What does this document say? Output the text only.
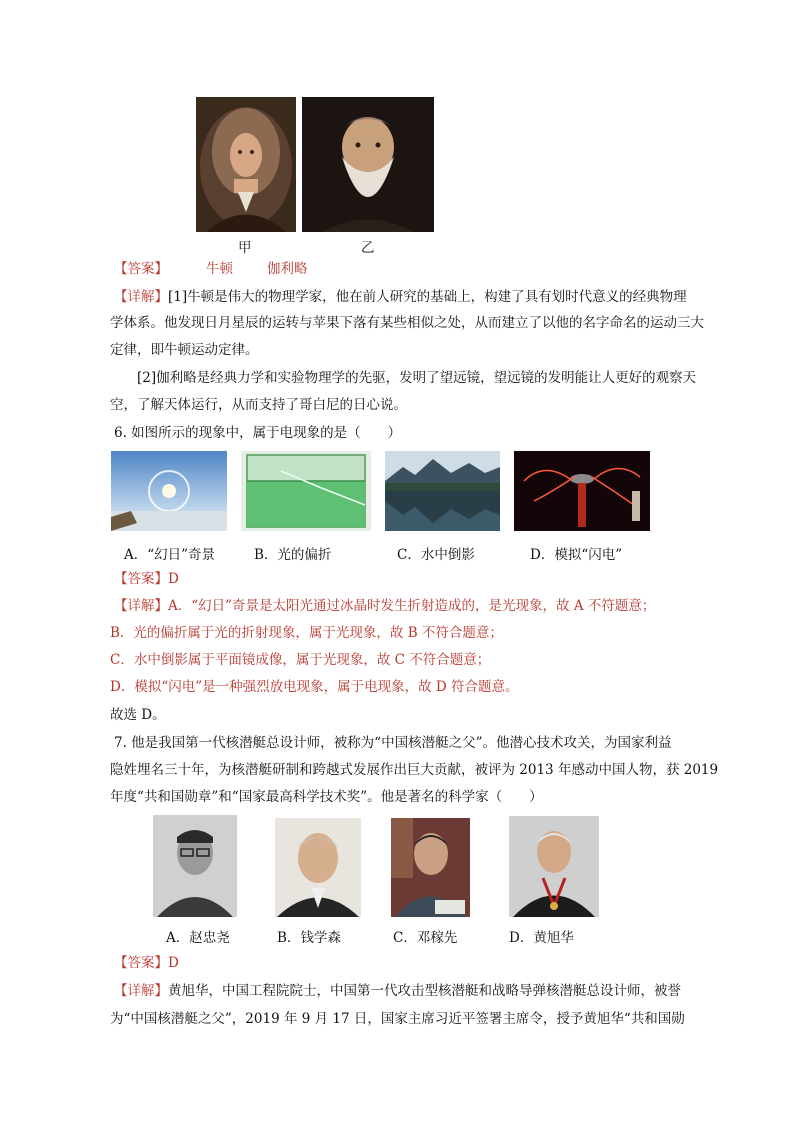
甲	乙
【答案】	牛顿	伽利略
【详解】[1]牛顿是伟大的物理学家，他在前人研究的基础上，构建了具有划时代意义的经典物理
学体系。他发现日月星辰的运转与苹果下落有某些相似之处，从而建立了以他的名字命名的运动三大
定律，即牛顿运动定律。
[2]伽利略是经典力学和实验物理学的先驱，发明了望远镜，望远镜的发明能让人更好的观察天
空，了解天体运行，从而支持了哥白尼的日心说。
6. 如图所示的现象中，属于电现象的是（　　）
A．“幻日”奇景	B．光的偏折	C．水中倒影	D．模拟“闪电”
【答案】D
【详解】A．“幻日”奇景是太阳光通过冰晶时发生折射造成的，是光现象，故 A 不符题意；
B．光的偏折属于光的折射现象，属于光现象，故 B 不符合题意；
C．水中倒影属于平面镜成像，属于光现象，故 C 不符合题意；
D．模拟“闪电”是一种强烈放电现象，属于电现象，故 D 符合题意。
故选 D。
7. 他是我国第一代核潜艇总设计师，被称为“中国核潜艇之父”。他潜心技术攻关，为国家利益
隐姓埋名三十年，为核潜艇研制和跨越式发展作出巨大贡献，被评为 2013 年感动中国人物，获 2019
年度“共和国勋章”和“国家最高科学技术奖”。他是著名的科学家（　　）
A．赵忠尧	B．钱学森	C．邓稼先	D．黄旭华
【答案】D
【详解】黄旭华，中国工程院院士，中国第一代攻击型核潜艇和战略导弹核潜艇总设计师，被誉
为“中国核潜艇之父”，2019 年 9 月 17 日，国家主席习近平签署主席令，授予黄旭华“共和国勋
